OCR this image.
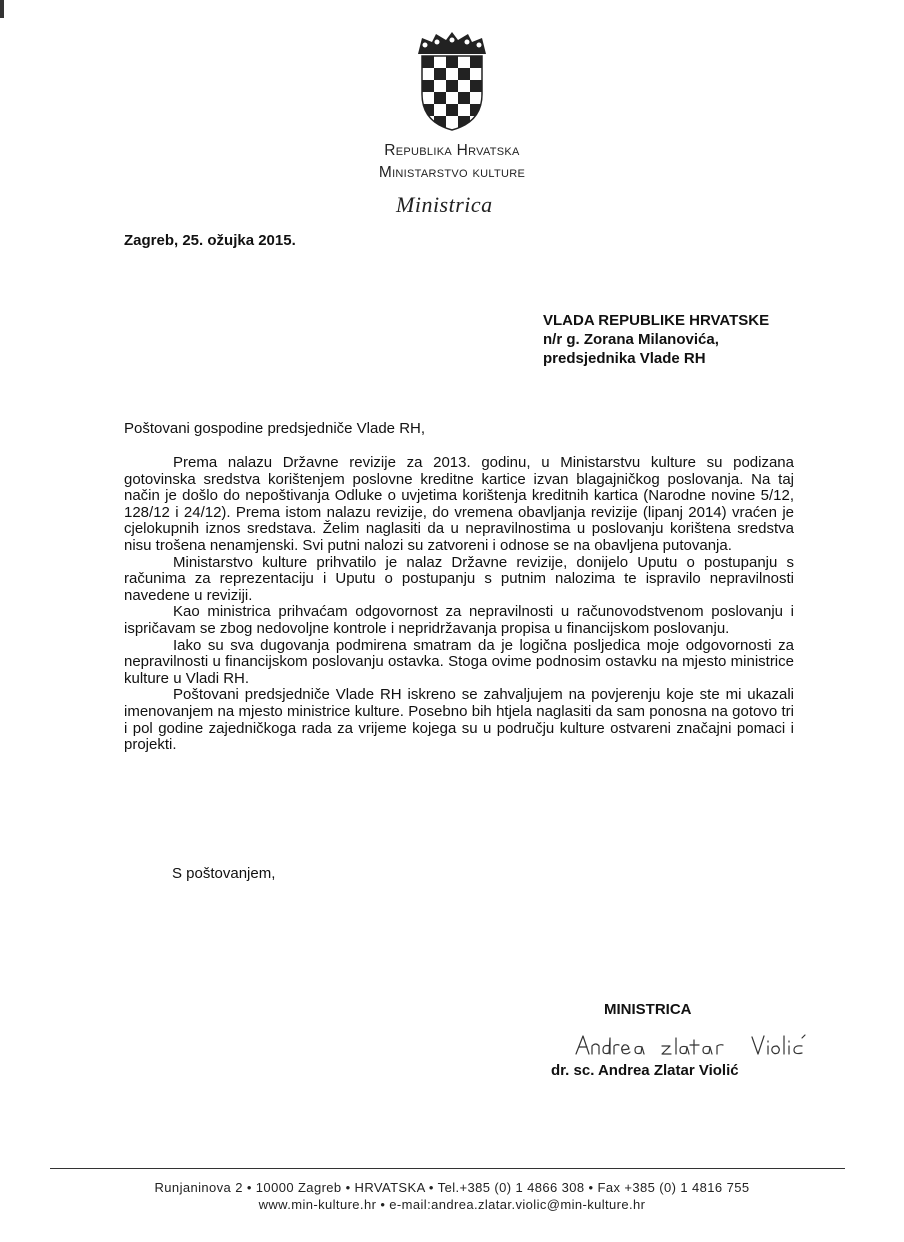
Republika Hrvatska
Ministarstvo kulture
Ministrica
Zagreb, 25. ožujka 2015.
VLADA REPUBLIKE HRVATSKE
n/r g. Zorana Milanovića,
predsjednika Vlade RH
Poštovani gospodine predsjedniče Vlade RH,

Prema nalazu Državne revizije za 2013. godinu, u Ministarstvu kulture su podizana gotovinska sredstva korištenjem poslovne kreditne kartice izvan blagajničkog poslovanja. Na taj način je došlo do nepoštivanja Odluke o uvjetima korištenja kreditnih kartica (Narodne novine 5/12, 128/12 i 24/12). Prema istom nalazu revizije, do vremena obavljanja revizije (lipanj 2014) vraćen je cjelokupnih iznos sredstava. Želim naglasiti da u nepravilnostima u poslovanju korištena sredstva nisu trošena nenamjenski. Svi putni nalozi su zatvoreni i odnose se na obavljena putovanja.

Ministarstvo kulture prihvatilo je nalaz Državne revizije, donijelo Uputu o postupanju s računima za reprezentaciju i Uputu o postupanju s putnim nalozima te ispravilo nepravilnosti navedene u reviziji.

Kao ministrica prihvaćam odgovornost za nepravilnosti u računovodstvenom poslovanju i ispričavam se zbog nedovoljne kontrole i nepridržavanja propisa u financijskom poslovanju.

Iako su sva dugovanja podmirena smatram da je logična posljedica moje odgovornosti za nepravilnosti u financijskom poslovanju ostavka. Stoga ovime podnosim ostavku na mjesto ministrice kulture u Vladi RH.

Poštovani predsjedniče Vlade RH iskreno se zahvaljujem na povjerenju koje ste mi ukazali imenovanjem na mjesto ministrice kulture. Posebno bih htjela naglasiti da sam ponosna na gotovo tri i pol godine zajedničkoga rada za vrijeme kojega su u području kulture ostvareni značajni pomaci i projekti.

S poštovanjem,
MINISTRICA
dr. sc. Andrea Zlatar Violić
Runjaninova 2 • 10000 Zagreb • HRVATSKA • Tel.+385 (0) 1 4866 308 • Fax +385 (0) 1 4816 755
www.min-kulture.hr • e-mail:andrea.zlatar.violic@min-kulture.hr
